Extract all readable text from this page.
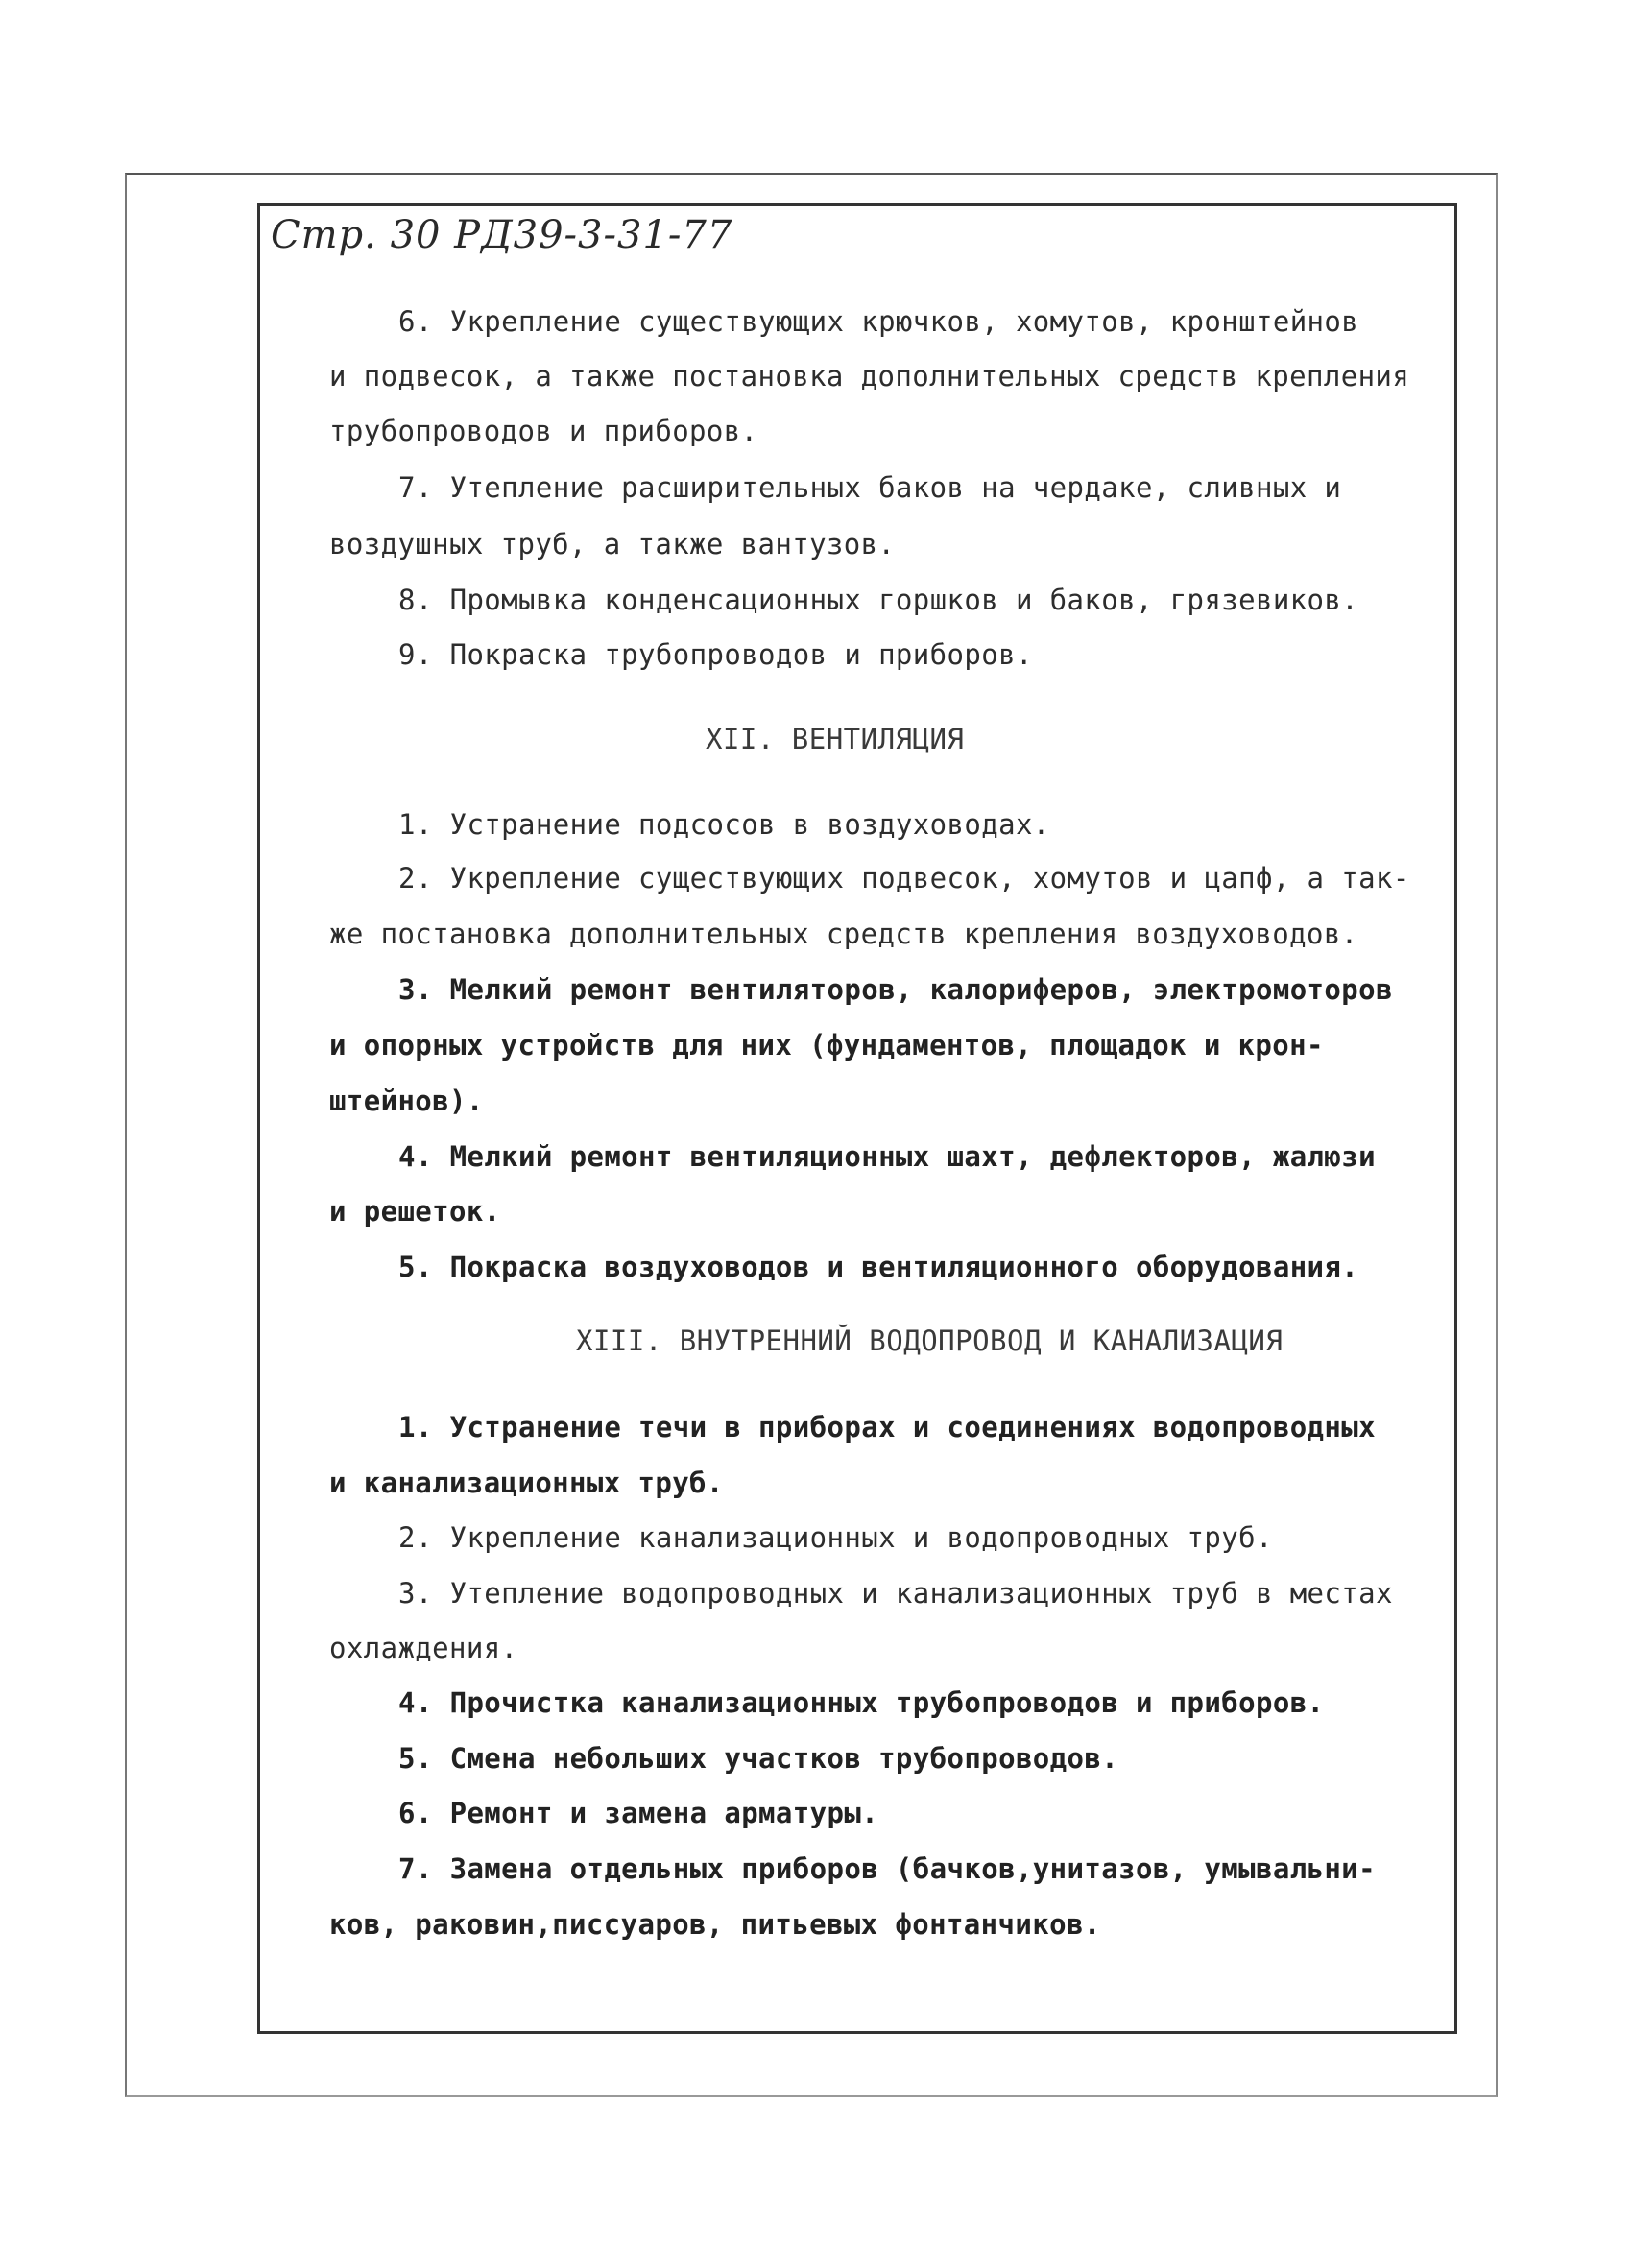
Стр. 30 РД39-3-31-77
6. Укрепление существующих крючков, хомутов, кронштейнов
и подвесок, а также постановка дополнительных средств крепления
трубопроводов и приборов.
7. Утепление расширительных баков на чердаке, сливных и
воздушных труб, а также вантузов.
8. Промывка конденсационных горшков и баков, грязевиков.
9. Покраска трубопроводов и приборов.
XII. ВЕНТИЛЯЦИЯ
1. Устранение подсосов в воздуховодах.
2. Укрепление существующих подвесок, хомутов и цапф, а так-
же постановка дополнительных средств крепления воздуховодов.
3. Мелкий ремонт вентиляторов, калориферов, электромоторов
и опорных устройств для них (фундаментов, площадок и крон-
штейнов).
4. Мелкий ремонт вентиляционных шахт, дефлекторов, жалюзи
и решеток.
5. Покраска воздуховодов и вентиляционного оборудования.
XIII. ВНУТРЕННИЙ ВОДОПРОВОД И КАНАЛИЗАЦИЯ
1. Устранение течи в приборах и соединениях водопроводных
и канализационных труб.
2. Укрепление канализационных и водопроводных труб.
3. Утепление водопроводных и канализационных труб в местах
охлаждения.
4. Прочистка канализационных трубопроводов и приборов.
5. Смена небольших участков трубопроводов.
6. Ремонт и замена арматуры.
7. Замена отдельных приборов (бачков,унитазов, умывальни-
ков, раковин,писсуаров, питьевых фонтанчиков.
